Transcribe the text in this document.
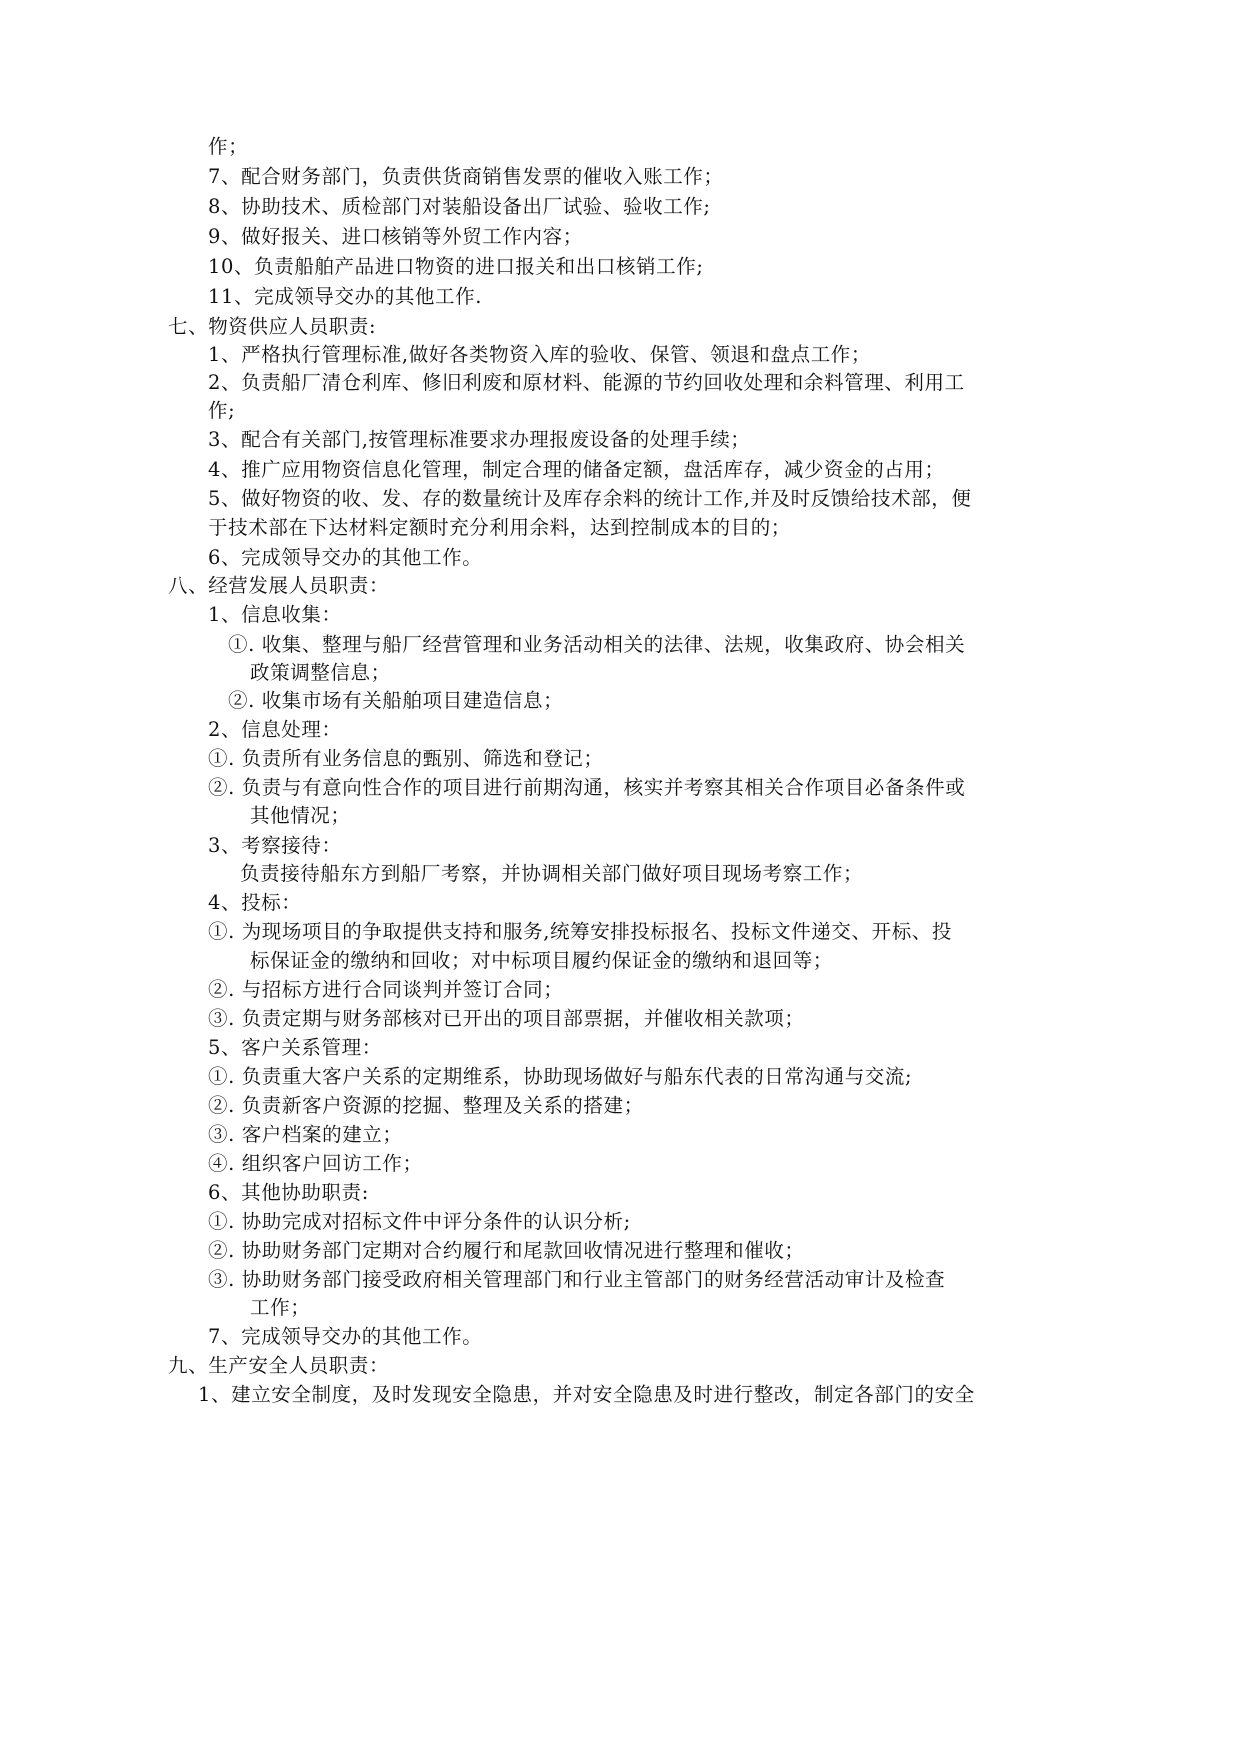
作；

7、配合财务部门，负责供货商销售发票的催收入账工作；

8、协助技术、质检部门对装船设备出厂试验、验收工作;

9、做好报关、进口核销等外贸工作内容；

10、负责船舶产品进口物资的进口报关和出口核销工作;

11、完成领导交办的其他工作.

七、物资供应人员职责:

1、严格执行管理标准,做好各类物资入库的验收、保管、领退和盘点工作；

2、负责船厂清仓利库、修旧利废和原材料、能源的节约回收处理和余料管理、利用工

作;

3、配合有关部门,按管理标准要求办理报废设备的处理手续；

4、推广应用物资信息化管理，制定合理的储备定额，盘活库存，减少资金的占用；

5、做好物资的收、发、存的数量统计及库存余料的统计工作,并及时反馈给技术部，便

于技术部在下达材料定额时充分利用余料，达到控制成本的目的；

6、完成领导交办的其他工作。

八、经营发展人员职责：

1、信息收集：

①. 收集、整理与船厂经营管理和业务活动相关的法律、法规，收集政府、协会相关

政策调整信息；

②. 收集市场有关船舶项目建造信息；

2、信息处理：

①. 负责所有业务信息的甄别、筛选和登记；

②. 负责与有意向性合作的项目进行前期沟通，核实并考察其相关合作项目必备条件或

其他情况；

3、考察接待：

负责接待船东方到船厂考察，并协调相关部门做好项目现场考察工作；

4、投标：

①. 为现场项目的争取提供支持和服务,统筹安排投标报名、投标文件递交、开标、投

标保证金的缴纳和回收；对中标项目履约保证金的缴纳和退回等；

②. 与招标方进行合同谈判并签订合同；

③. 负责定期与财务部核对已开出的项目部票据，并催收相关款项；

5、客户关系管理：

①. 负责重大客户关系的定期维系，协助现场做好与船东代表的日常沟通与交流;

②. 负责新客户资源的挖掘、整理及关系的搭建；

③. 客户档案的建立；

④. 组织客户回访工作；

6、其他协助职责:

①. 协助完成对招标文件中评分条件的认识分析;

②. 协助财务部门定期对合约履行和尾款回收情况进行整理和催收；

③. 协助财务部门接受政府相关管理部门和行业主管部门的财务经营活动审计及检查

工作；

7、完成领导交办的其他工作。

九、生产安全人员职责：

1、建立安全制度，及时发现安全隐患，并对安全隐患及时进行整改，制定各部门的安全
